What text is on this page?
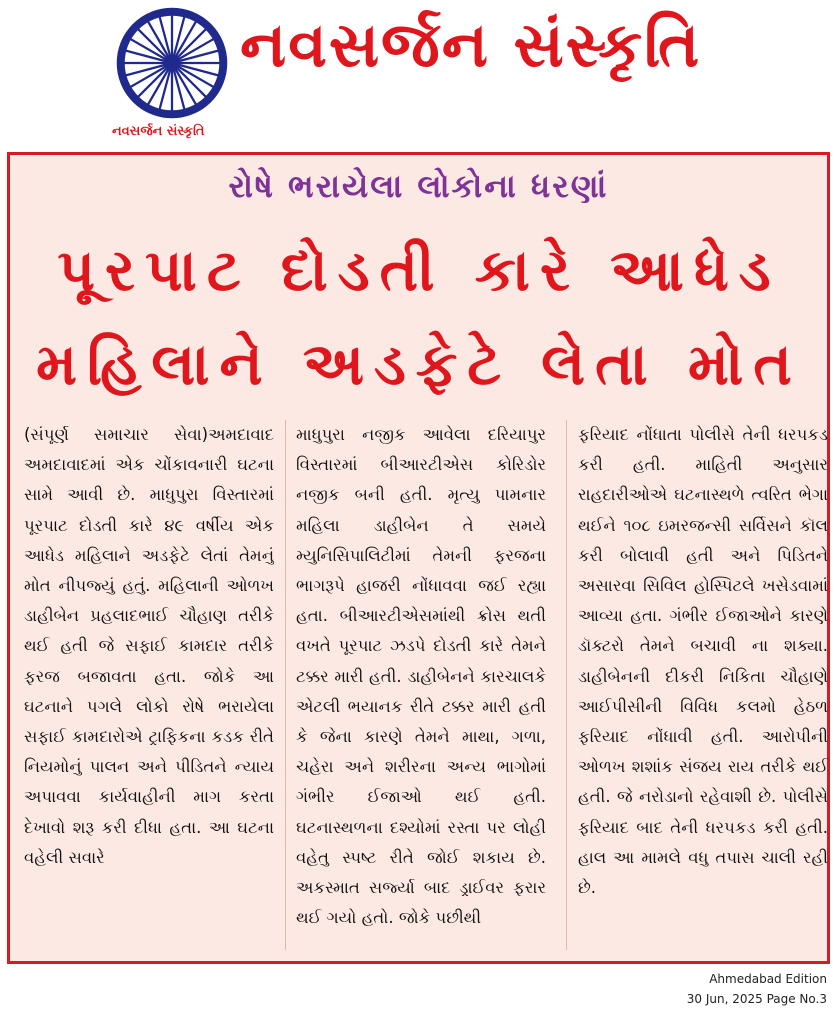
નવસર્જન સંસ્કૃતિ
નવસર્જન સંસ્કૃતિ
રોષે ભરાયેલા લોકોના ધરણાં
પૂરપાટ દોડતી કારે આધેડ
મહિલાને અડફેટે લેતા મોત

(સંપૂર્ણ સમાચાર સેવા)અમદાવાદ અમદાવાદમાં એક ચોંકાવનારી ઘટના સામે આવી છે. માધુપુરા વિસ્તારમાં પૂરપાટ દોડતી કારે ૪૯ વર્ષીય એક આધેડ મહિલાને અડફેટે લેતાં તેમનું મોત નીપજ્યું હતું. મહિલાની ઓળખ ડાહીબેન પ્રહલાદભાઈ ચૌહાણ તરીકે થઈ હતી જે સફાઈ કામદાર તરીકે ફરજ બજાવતા હતા. જોકે આ ઘટનાને પગલે લોકો રોષે ભરાયેલા સફાઈ કામદારોએ ટ્રાફિકના કડક રીતે નિયમોનું પાલન અને પીડિતને ન્યાય અપાવવા કાર્યવાહીની માગ કરતા દેખાવો શરૂ કરી દીધા હતા. આ ઘટના વહેલી સવારે

માધુપુરા નજીક આવેલા દરિયાપુર વિસ્તારમાં બીઆરટીએસ કોરિડોર નજીક બની હતી. મૃત્યુ પામનાર મહિલા ડાહીબેન તે સમયે મ્યુનિસિપાલિટીમાં તેમની ફરજના ભાગરૂપે હાજરી નોંધાવવા જઈ રહ્યા હતા. બીઆરટીએસમાંથી ક્રોસ થતી વખતે પૂરપાટ ઝડપે દોડતી કારે તેમને ટક્કર મારી હતી. ડાહીબેનને કારચાલકે એટલી ભયાનક રીતે ટક્કર મારી હતી કે જેના કારણે તેમને માથા, ગળા, ચહેરા અને શરીરના અન્ય ભાગોમાં ગંભીર ઈજાઓ થઈ હતી. ઘટનાસ્થળના દશ્યોમાં રસ્તા પર લોહી વહેતુ સ્પષ્ટ રીતે જોઈ શકાય છે. અકસ્માત સર્જ્યા બાદ ડ્રાઈવર ફરાર થઈ ગયો હતો. જોકે પછીથી

ફરિયાદ નોંધાતા પોલીસે તેની ધરપકડ કરી હતી. માહિતી અનુસાર રાહદારીઓએ ઘટનાસ્થળે ત્વરિત ભેગા થઈને ૧૦૮ ઇમરજન્સી સર્વિસને કૉલ કરી બોલાવી હતી અને પિડિતને અસારવા સિવિલ હોસ્પિટલે ખસેડવામાં આવ્યા હતા. ગંભીર ઈજાઓને કારણે ડૉક્ટરો તેમને બચાવી ના શક્યા. ડાહીબેનની દીકરી નિકિતા ચૌહાણે આઈપીસીની વિવિધ કલમો હેઠળ ફરિયાદ નોંધાવી હતી. આરોપીની ઓળખ શશાંક સંજય રાય તરીકે થઈ હતી. જે નરોડાનો રહેવાશી છે. પોલીસે ફરિયાદ બાદ તેની ધરપકડ કરી હતી. હાલ આ મામલે વધુ તપાસ ચાલી રહી છે.

Ahmedabad Edition
30 Jun, 2025 Page No.3
